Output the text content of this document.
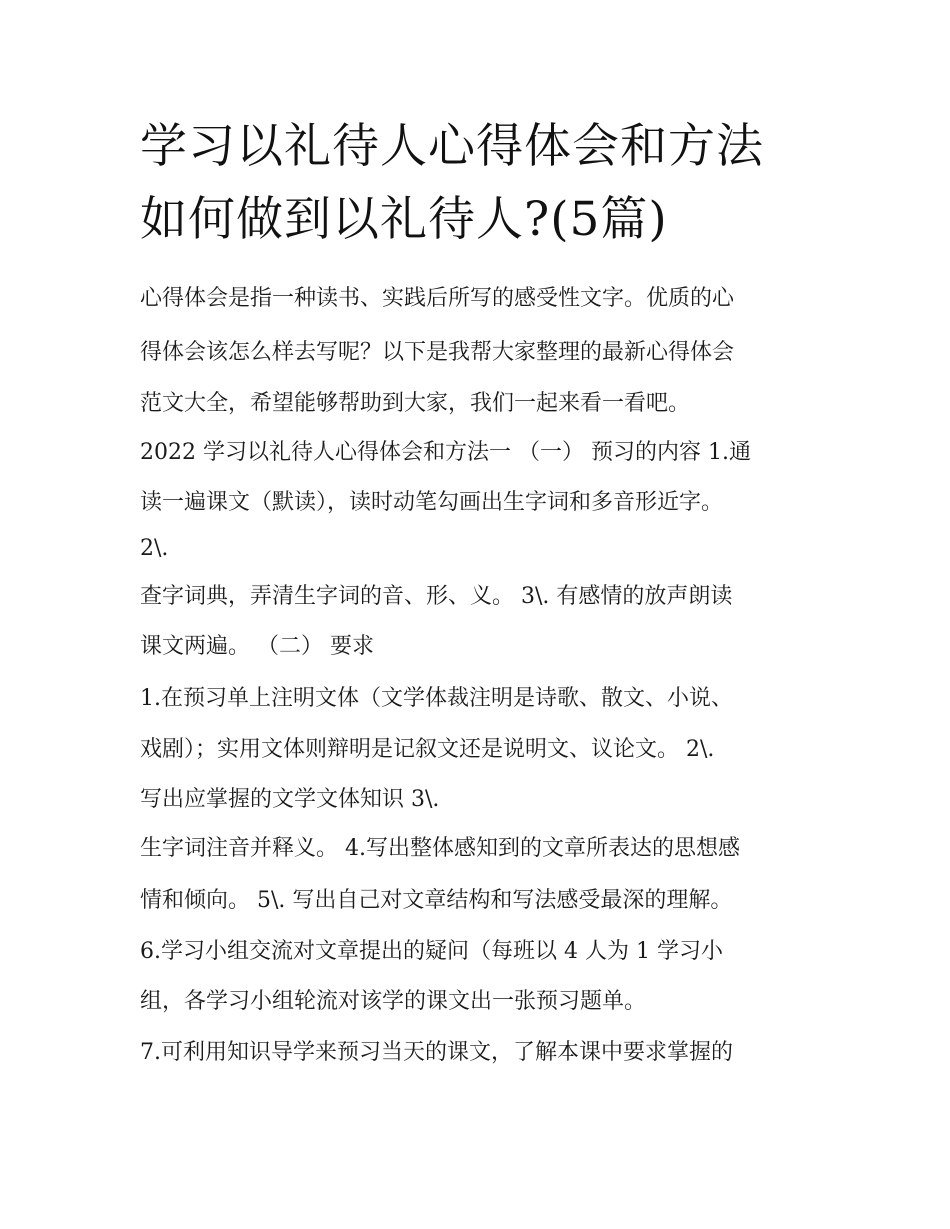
学习以礼待人心得体会和方法
如何做到以礼待人?(5篇)
心得体会是指一种读书、实践后所写的感受性文字。优质的心
得体会该怎么样去写呢？以下是我帮大家整理的最新心得体会
范文大全，希望能够帮助到大家，我们一起来看一看吧。
2022 学习以礼待人心得体会和方法一 （一） 预习的内容 1.通
读一遍课文（默读），读时动笔勾画出生字词和多音形近字。
2\.
查字词典，弄清生字词的音、形、义。 3\. 有感情的放声朗读
课文两遍。 （二） 要求
1.在预习单上注明文体（文学体裁注明是诗歌、散文、小说、
戏剧）；实用文体则辩明是记叙文还是说明文、议论文。 2\.
写出应掌握的文学文体知识 3\.
生字词注音并释义。 4.写出整体感知到的文章所表达的思想感
情和倾向。 5\. 写出自己对文章结构和写法感受最深的理解。
6.学习小组交流对文章提出的疑问（每班以 4 人为 1 学习小
组，各学习小组轮流对该学的课文出一张预习题单。
7.可利用知识导学来预习当天的课文，了解本课中要求掌握的
